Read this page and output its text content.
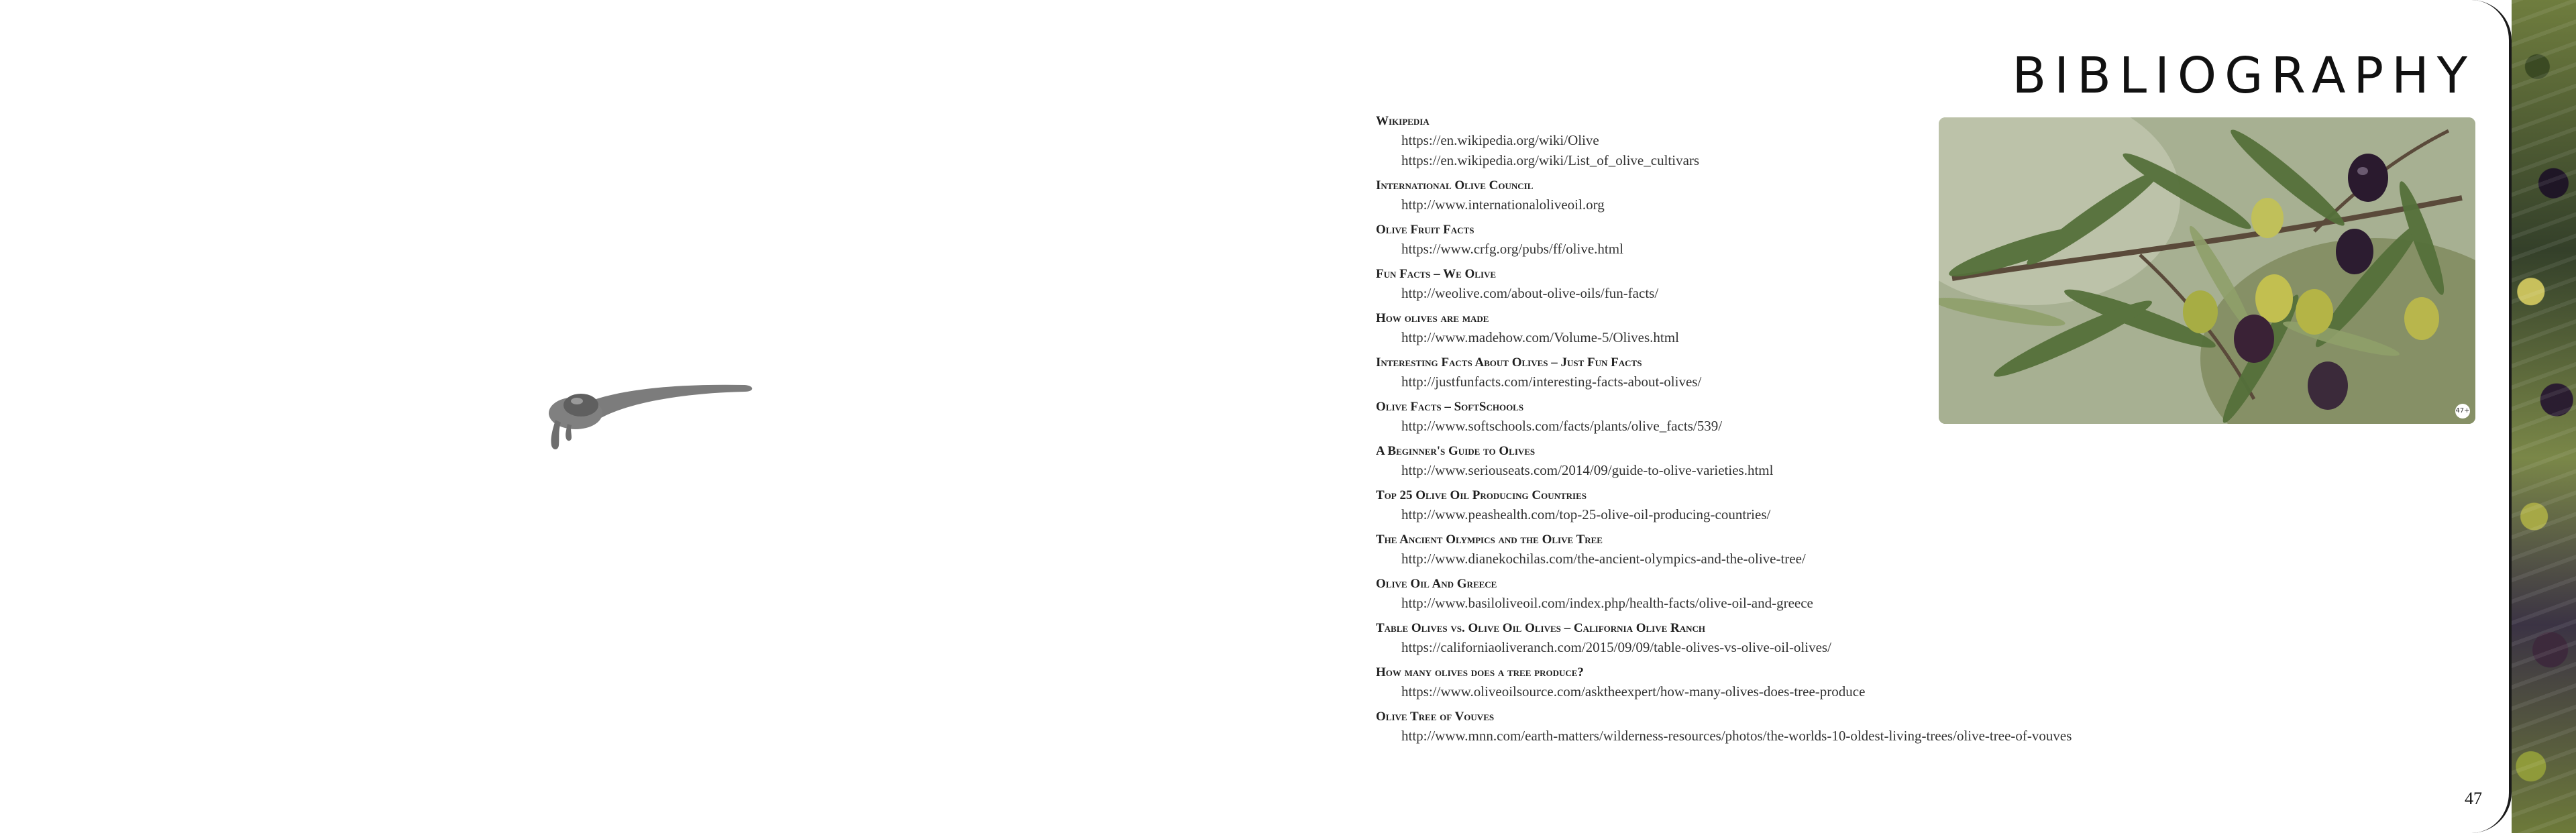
BIBLIOGRAPHY
47+
Wikipedia
https://en.wikipedia.org/wiki/Olive
https://en.wikipedia.org/wiki/List_of_olive_cultivars
International Olive Council
http://www.internationaloliveoil.org
Olive Fruit Facts
https://www.crfg.org/pubs/ff/olive.html
Fun Facts – We Olive
http://weolive.com/about-olive-oils/fun-facts/
How olives are made
http://www.madehow.com/Volume-5/Olives.html
Interesting Facts About Olives – Just Fun Facts
http://justfunfacts.com/interesting-facts-about-olives/
Olive Facts – SoftSchools
http://www.softschools.com/facts/plants/olive_facts/539/
A Beginner's Guide to Olives
http://www.seriouseats.com/2014/09/guide-to-olive-varieties.html
Top 25 Olive Oil Producing Countries
http://www.peashealth.com/top-25-olive-oil-producing-countries/
The Ancient Olympics and the Olive Tree
http://www.dianekochilas.com/the-ancient-olympics-and-the-olive-tree/
Olive Oil And Greece
http://www.basiloliveoil.com/index.php/health-facts/olive-oil-and-greece
Table Olives vs. Olive Oil Olives – California Olive Ranch
https://californiaoliveranch.com/2015/09/09/table-olives-vs-olive-oil-olives/
How many olives does a tree produce?
https://www.oliveoilsource.com/asktheexpert/how-many-olives-does-tree-produce
Olive Tree of Vouves
http://www.mnn.com/earth-matters/wilderness-resources/photos/the-worlds-10-oldest-living-trees/olive-tree-of-vouves
47
